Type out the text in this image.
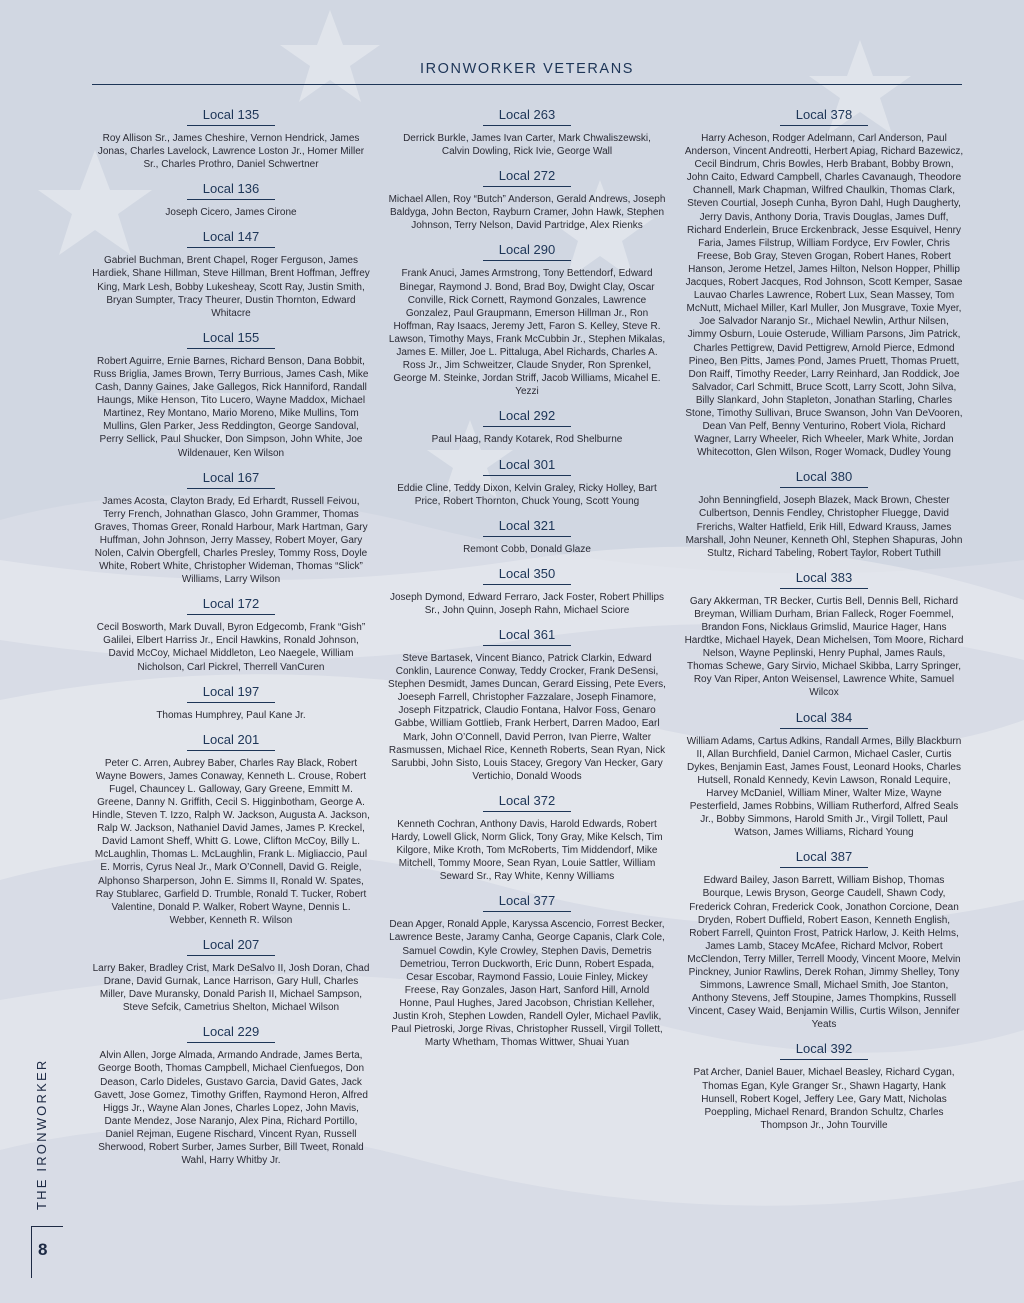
IRONWORKER VETERANS
Local 135
Roy Allison Sr., James Cheshire, Vernon Hendrick, James Jonas, Charles Lavelock, Lawrence Loston Jr., Homer Miller Sr., Charles Prothro, Daniel Schwertner
Local 136
Joseph Cicero, James Cirone
Local 147
Gabriel Buchman, Brent Chapel, Roger Ferguson, James Hardiek, Shane Hillman, Steve Hillman, Brent Hoffman, Jeffrey King, Mark Lesh, Bobby Lukesheay, Scott Ray, Justin Smith, Bryan Sumpter, Tracy Theurer, Dustin Thornton, Edward Whitacre
Local 155
Robert Aguirre, Ernie Barnes, Richard Benson, Dana Bobbit, Russ Briglia, James Brown, Terry Burrious, James Cash, Mike Cash, Danny Gaines, Jake Gallegos, Rick Hanniford, Randall Haungs, Mike Henson, Tito Lucero, Wayne Maddox, Michael Martinez, Rey Montano, Mario Moreno, Mike Mullins, Tom Mullins, Glen Parker, Jess Reddington, George Sandoval, Perry Sellick, Paul Shucker, Don Simpson, John White, Joe Wildenauer, Ken Wilson
Local 167
James Acosta, Clayton Brady, Ed Erhardt, Russell Feivou, Terry French, Johnathan Glasco, John Grammer, Thomas Graves, Thomas Greer, Ronald Harbour, Mark Hartman, Gary Huffman, John Johnson, Jerry Massey, Robert Moyer, Gary Nolen, Calvin Obergfell, Charles Presley, Tommy Ross, Doyle White, Robert White, Christopher Wideman, Thomas “Slick” Williams, Larry Wilson
Local 172
Cecil Bosworth, Mark Duvall, Byron Edgecomb, Frank “Gish” Galilei, Elbert Harriss Jr., Encil Hawkins, Ronald Johnson, David McCoy, Michael Middleton, Leo Naegele, William Nicholson, Carl Pickrel, Therrell VanCuren
Local 197
Thomas Humphrey, Paul Kane Jr.
Local 201
Peter C. Arren, Aubrey Baber, Charles Ray Black, Robert Wayne Bowers, James Conaway, Kenneth L. Crouse, Robert Fugel, Chauncey L. Galloway, Gary Greene, Emmitt M. Greene, Danny N. Griffith, Cecil S. Higginbotham, George A. Hindle, Steven T. Izzo, Ralph W. Jackson, Augusta A. Jackson, Ralp W. Jackson, Nathaniel David James, James P. Kreckel, David Lamont Sheff, Whitt G. Lowe, Clifton McCoy, Billy L. McLaughlin, Thomas L. McLaughlin, Frank L. Migliaccio, Paul E. Morris, Cyrus Neal Jr., Mark O’Connell, David G. Reigle, Alphonso Sharperson, John E. Simms II, Ronald W. Spates, Ray Stublarec, Garfield D. Trumble, Ronald T. Tucker, Robert Valentine, Donald P. Walker, Robert Wayne, Dennis L. Webber, Kenneth R. Wilson
Local 207
Larry Baker, Bradley Crist, Mark DeSalvo II, Josh Doran, Chad Drane, David Gurnak, Lance Harrison, Gary Hull, Charles Miller, Dave Muransky, Donald Parish II, Michael Sampson, Steve Sefcik, Cametrius Shelton, Michael Wilson
Local 229
Alvin Allen, Jorge Almada, Armando Andrade, James Berta, George Booth, Thomas Campbell, Michael Cienfuegos, Don Deason, Carlo Dideles, Gustavo Garcia, David Gates, Jack Gavett, Jose Gomez, Timothy Griffen, Raymond Heron, Alfred Higgs Jr., Wayne Alan Jones, Charles Lopez, John Mavis, Dante Mendez, Jose Naranjo, Alex Pina, Richard Portillo, Daniel Rejman, Eugene Rischard, Vincent Ryan, Russell Sherwood, Robert Surber, James Surber, Bill Tweet, Ronald Wahl, Harry Whitby Jr.
Local 263
Derrick Burkle, James Ivan Carter, Mark Chwaliszewski, Calvin Dowling, Rick Ivie, George Wall
Local 272
Michael Allen, Roy “Butch” Anderson, Gerald Andrews, Joseph Baldyga, John Becton, Rayburn Cramer, John Hawk, Stephen Johnson, Terry Nelson, David Partridge, Alex Rienks
Local 290
Frank Anuci, James Armstrong, Tony Bettendorf, Edward Binegar, Raymond J. Bond, Brad Boy, Dwight Clay, Oscar Conville, Rick Cornett, Raymond Gonzales, Lawrence Gonzalez, Paul Graupmann, Emerson Hillman Jr., Ron Hoffman, Ray Isaacs, Jeremy Jett, Faron S. Kelley, Steve R. Lawson, Timothy Mays, Frank McCubbin Jr., Stephen Mikalas, James E. Miller, Joe L. Pittaluga, Abel Richards, Charles A. Ross Jr., Jim Schweitzer, Claude Snyder, Ron Sprenkel, George M. Steinke, Jordan Striff, Jacob Williams, Micahel E. Yezzi
Local 292
Paul Haag, Randy Kotarek, Rod Shelburne
Local 301
Eddie Cline, Teddy Dixon, Kelvin Graley, Ricky Holley, Bart Price, Robert Thornton, Chuck Young, Scott Young
Local 321
Remont Cobb, Donald Glaze
Local 350
Joseph Dymond, Edward Ferraro, Jack Foster, Robert Phillips Sr., John Quinn, Joseph Rahn, Michael Sciore
Local 361
Steve Bartasek, Vincent Bianco, Patrick Clarkin, Edward Conklin, Laurence Conway, Teddy Crocker, Frank DeSensi, Stephen Desmidt, James Duncan, Gerard Eissing, Pete Evers, Joeseph Farrell, Christopher Fazzalare, Joseph Finamore, Joseph Fitzpatrick, Claudio Fontana, Halvor Foss, Genaro Gabbe, William Gottlieb, Frank Herbert, Darren Madoo, Earl Mark, John O’Connell, David Perron, Ivan Pierre, Walter Rasmussen, Michael Rice, Kenneth Roberts, Sean Ryan, Nick Sarubbi, John Sisto, Louis Stacey, Gregory Van Hecker, Gary Vertichio, Donald Woods
Local 372
Kenneth Cochran, Anthony Davis, Harold Edwards, Robert Hardy, Lowell Glick, Norm Glick, Tony Gray, Mike Kelsch, Tim Kilgore, Mike Kroth, Tom McRoberts, Tim Middendorf, Mike Mitchell, Tommy Moore, Sean Ryan, Louie Sattler, William Seward Sr., Ray White, Kenny Williams
Local 377
Dean Apger, Ronald Apple, Karyssa Ascencio, Forrest Becker, Lawrence Beste, Jaramy Canha, George Capanis, Clark Cole, Samuel Cowdin, Kyle Crowley, Stephen Davis, Demetris Demetriou, Terron Duckworth, Eric Dunn, Robert Espada, Cesar Escobar, Raymond Fassio, Louie Finley, Mickey Freese, Ray Gonzales, Jason Hart, Sanford Hill, Arnold Honne, Paul Hughes, Jared Jacobson, Christian Kelleher, Justin Kroh, Stephen Lowden, Randell Oyler, Michael Pavlik, Paul Pietroski, Jorge Rivas, Christopher Russell, Virgil Tollett, Marty Whetham, Thomas Wittwer, Shuai Yuan
Local 378
Harry Acheson, Rodger Adelmann, Carl Anderson, Paul Anderson, Vincent Andreotti, Herbert Apiag, Richard Bazewicz, Cecil Bindrum, Chris Bowles, Herb Brabant, Bobby Brown, John Caito, Edward Campbell, Charles Cavanaugh, Theodore Channell, Mark Chapman, Wilfred Chaulkin, Thomas Clark, Steven Courtial, Joseph Cunha, Byron Dahl, Hugh Daugherty, Jerry Davis, Anthony Doria, Travis Douglas, James Duff, Richard Enderlein, Bruce Erckenbrack, Jesse Esquivel, Henry Faria, James Filstrup, William Fordyce, Erv Fowler, Chris Freese, Bob Gray, Steven Grogan, Robert Hanes, Robert Hanson, Jerome Hetzel, James Hilton, Nelson Hopper, Phillip Jacques, Robert Jacques, Rod Johnson, Scott Kemper, Sasae Lauvao Charles Lawrence, Robert Lux, Sean Massey, Tom McNutt, Michael Miller, Karl Muller, Jon Musgrave, Toxie Myer, Joe Salvador Naranjo Sr., Michael Newlin, Arthur Nilsen, Jimmy Osburn, Louie Osterude, William Parsons, Jim Patrick, Charles Pettigrew, David Pettigrew, Arnold Pierce, Edmond Pineo, Ben Pitts, James Pond, James Pruett, Thomas Pruett, Don Raiff, Timothy Reeder, Larry Reinhard, Jan Roddick, Joe Salvador, Carl Schmitt, Bruce Scott, Larry Scott, John Silva, Billy Slankard, John Stapleton, Jonathan Starling, Charles Stone, Timothy Sullivan, Bruce Swanson, John Van DeVooren, Dean Van Pelf, Benny Venturino, Robert Viola, Richard Wagner, Larry Wheeler, Rich Wheeler, Mark White, Jordan Whitecotton, Glen Wilson, Roger Womack, Dudley Young
Local 380
John Benningfield, Joseph Blazek, Mack Brown, Chester Culbertson, Dennis Fendley, Christopher Fluegge, David Frerichs, Walter Hatfield, Erik Hill, Edward Krauss, James Marshall, John Neuner, Kenneth Ohl, Stephen Shapuras, John Stultz, Richard Tabeling, Robert Taylor, Robert Tuthill
Local 383
Gary Akkerman, TR Becker, Curtis Bell, Dennis Bell, Richard Breyman, William Durham, Brian Falleck, Roger Foemmel, Brandon Fons, Nicklaus Grimslid, Maurice Hager, Hans Hardtke, Michael Hayek, Dean Michelsen, Tom Moore, Richard Nelson, Wayne Peplinski, Henry Puphal, James Rauls, Thomas Schewe, Gary Sirvio, Michael Skibba, Larry Springer, Roy Van Riper, Anton Weisensel, Lawrence White, Samuel Wilcox
Local 384
William Adams, Cartus Adkins, Randall Armes, Billy Blackburn II, Allan Burchfield, Daniel Carmon, Michael Casler, Curtis Dykes, Benjamin East, James Foust, Leonard Hooks, Charles Hutsell, Ronald Kennedy, Kevin Lawson, Ronald Lequire, Harvey McDaniel, William Miner, Walter Mize, Wayne Pesterfield, James Robbins, William Rutherford, Alfred Seals Jr., Bobby Simmons, Harold Smith Jr., Virgil Tollett, Paul Watson, James Williams, Richard Young
Local 387
Edward Bailey, Jason Barrett, William Bishop, Thomas Bourque, Lewis Bryson, George Caudell, Shawn Cody, Frederick Cohran, Frederick Cook, Jonathon Corcione, Dean Dryden, Robert Duffield, Robert Eason, Kenneth English, Robert Farrell, Quinton Frost, Patrick Harlow, J. Keith Helms, James Lamb, Stacey McAfee, Richard Mclvor, Robert McClendon, Terry Miller, Terrell Moody, Vincent Moore, Melvin Pinckney, Junior Rawlins, Derek Rohan, Jimmy Shelley, Tony Simmons, Lawrence Small, Michael Smith, Joe Stanton, Anthony Stevens, Jeff Stoupine, James Thompkins, Russell Vincent, Casey Waid, Benjamin Willis, Curtis Wilson, Jennifer Yeats
Local 392
Pat Archer, Daniel Bauer, Michael Beasley, Richard Cygan, Thomas Egan, Kyle Granger Sr., Shawn Hagarty, Hank Hunsell, Robert Kogel, Jeffery Lee, Gary Matt, Nicholas Poeppling, Michael Renard, Brandon Schultz, Charles Thompson Jr., John Tourville
THE IRONWORKER
8
